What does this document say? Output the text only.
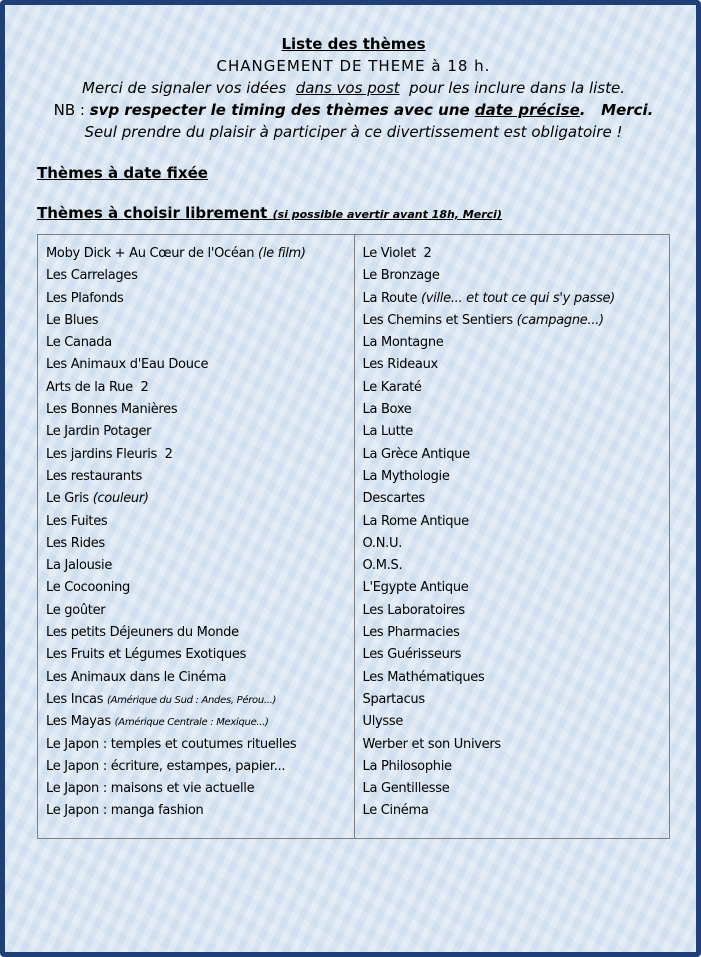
Liste des thèmes
CHANGEMENT DE THEME à 18 h.
Merci de signaler vos idées  dans vos post  pour les inclure dans la liste.
NB : svp respecter le timing des thèmes avec une date précise.   Merci.
Seul prendre du plaisir à participer à ce divertissement est obligatoire !
Thèmes à date fixée
Thèmes à choisir librement (si possible avertir avant 18h, Merci)
Moby Dick + Au Cœur de l'Océan (le film)
Les Carrelages
Les Plafonds
Le Blues
Le Canada
Les Animaux d'Eau Douce
Arts de la Rue  2
Les Bonnes Manières
Le Jardin Potager
Les jardins Fleuris  2
Les restaurants
Le Gris (couleur)
Les Fuites
Les Rides
La Jalousie
Le Cocooning
Le goûter
Les petits Déjeuners du Monde
Les Fruits et Légumes Exotiques
Les Animaux dans le Cinéma
Les Incas (Amérique du Sud : Andes, Pérou...)
Les Mayas (Amérique Centrale : Mexique...)
Le Japon : temples et coutumes rituelles
Le Japon : écriture, estampes, papier...
Le Japon : maisons et vie actuelle
Le Japon : manga fashion
Le Violet  2
Le Bronzage
La Route (ville... et tout ce qui s'y passe)
Les Chemins et Sentiers (campagne...)
La Montagne
Les Rideaux
Le Karaté
La Boxe
La Lutte
La Grèce Antique
La Mythologie
Descartes
La Rome Antique
O.N.U.
O.M.S.
L'Egypte Antique
Les Laboratoires
Les Pharmacies
Les Guérisseurs
Les Mathématiques
Spartacus
Ulysse
Werber et son Univers
La Philosophie
La Gentillesse
Le Cinéma
